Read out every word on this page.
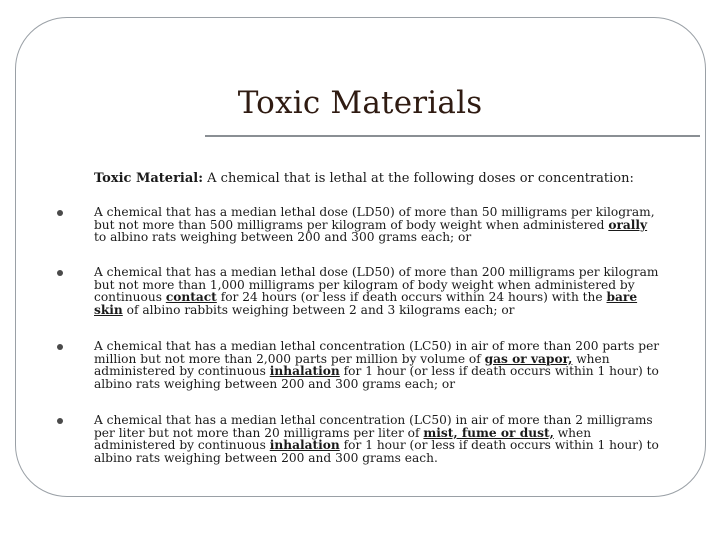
Toxic Materials
Toxic Material: A chemical that is lethal at the following doses or concentration:
A chemical that has a median lethal dose (LD50) of more than 50 milligrams per kilogram, but not more than 500 milligrams per kilogram of body weight when administered orally to albino rats weighing between 200 and 300 grams each; or
A chemical that has a median lethal dose (LD50) of more than 200 milligrams per kilogram but not more than 1,000 milligrams per kilogram of body weight when administered by continuous contact for 24 hours (or less if death occurs within 24 hours) with the bare skin of albino rabbits weighing between 2 and 3 kilograms each; or
A chemical that has a median lethal concentration (LC50) in air of more than 200 parts per million but not more than 2,000 parts per million by volume of gas or vapor, when administered by continuous inhalation for 1 hour (or less if death occurs within 1 hour) to albino rats weighing between 200 and 300 grams each; or
A chemical that has a median lethal concentration (LC50) in air of more than 2 milligrams per liter but not more than 20 milligrams per liter of mist, fume or dust, when administered by continuous inhalation for 1 hour (or less if death occurs within 1 hour) to albino rats weighing between 200 and 300 grams each.
